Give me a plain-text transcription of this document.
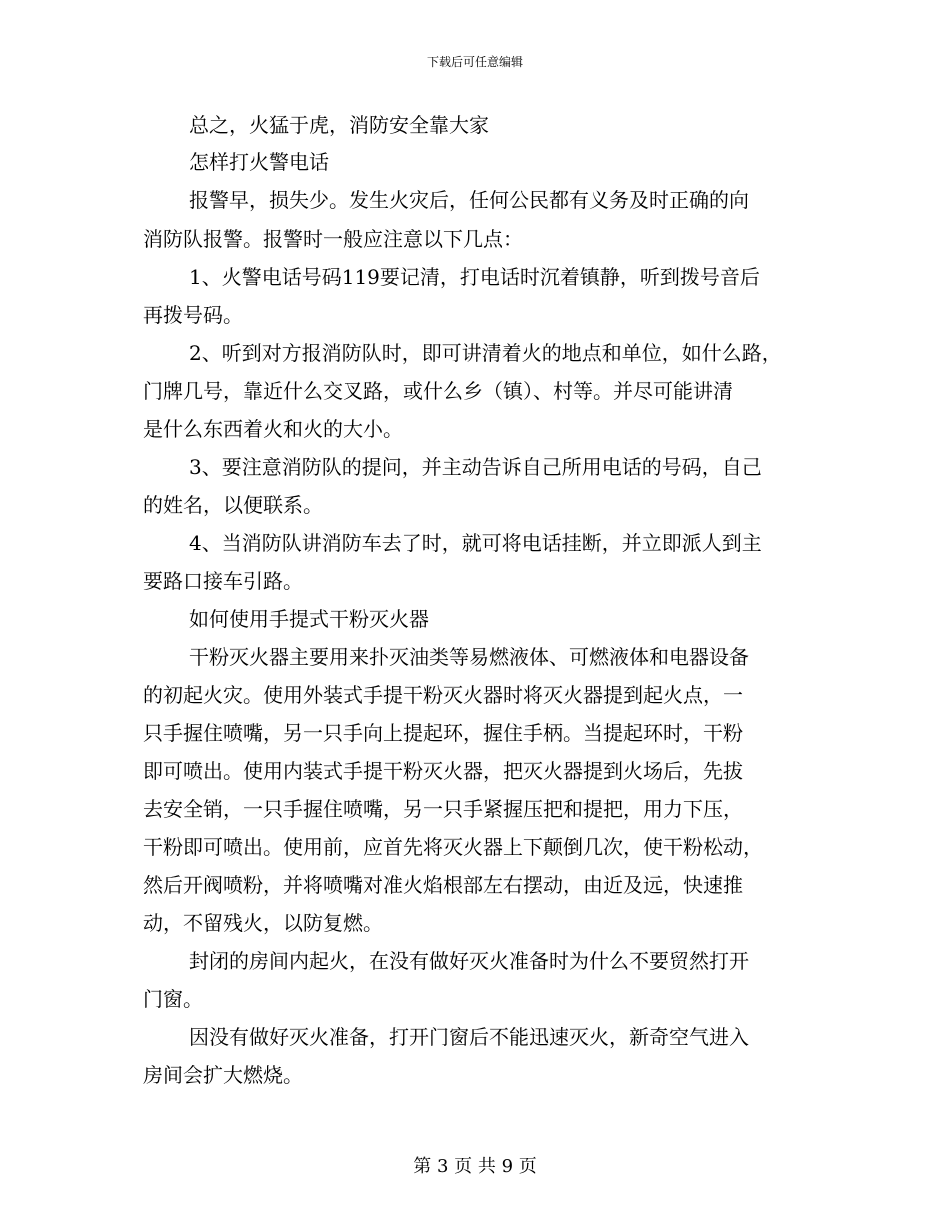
下载后可任意编辑
总之，火猛于虎，消防安全靠大家
怎样打火警电话
报警早，损失少。发生火灾后，任何公民都有义务及时正确的向
消防队报警。报警时一般应注意以下几点：
1、火警电话号码119要记清，打电话时沉着镇静，听到拨号音后
再拨号码。
2、听到对方报消防队时，即可讲清着火的地点和单位，如什么路，
门牌几号，靠近什么交叉路，或什么乡（镇）、村等。并尽可能讲清
是什么东西着火和火的大小。
3、要注意消防队的提问，并主动告诉自己所用电话的号码，自己
的姓名，以便联系。
4、当消防队讲消防车去了时，就可将电话挂断，并立即派人到主
要路口接车引路。
如何使用手提式干粉灭火器
干粉灭火器主要用来扑灭油类等易燃液体、可燃液体和电器设备
的初起火灾。使用外装式手提干粉灭火器时将灭火器提到起火点，一
只手握住喷嘴，另一只手向上提起环，握住手柄。当提起环时，干粉
即可喷出。使用内装式手提干粉灭火器，把灭火器提到火场后，先拔
去安全销，一只手握住喷嘴，另一只手紧握压把和提把，用力下压，
干粉即可喷出。使用前，应首先将灭火器上下颠倒几次，使干粉松动，
然后开阀喷粉，并将喷嘴对准火焰根部左右摆动，由近及远，快速推
动，不留残火，以防复燃。
封闭的房间内起火，在没有做好灭火准备时为什么不要贸然打开
门窗。
因没有做好灭火准备，打开门窗后不能迅速灭火，新奇空气进入
房间会扩大燃烧。
第 3 页 共 9 页
